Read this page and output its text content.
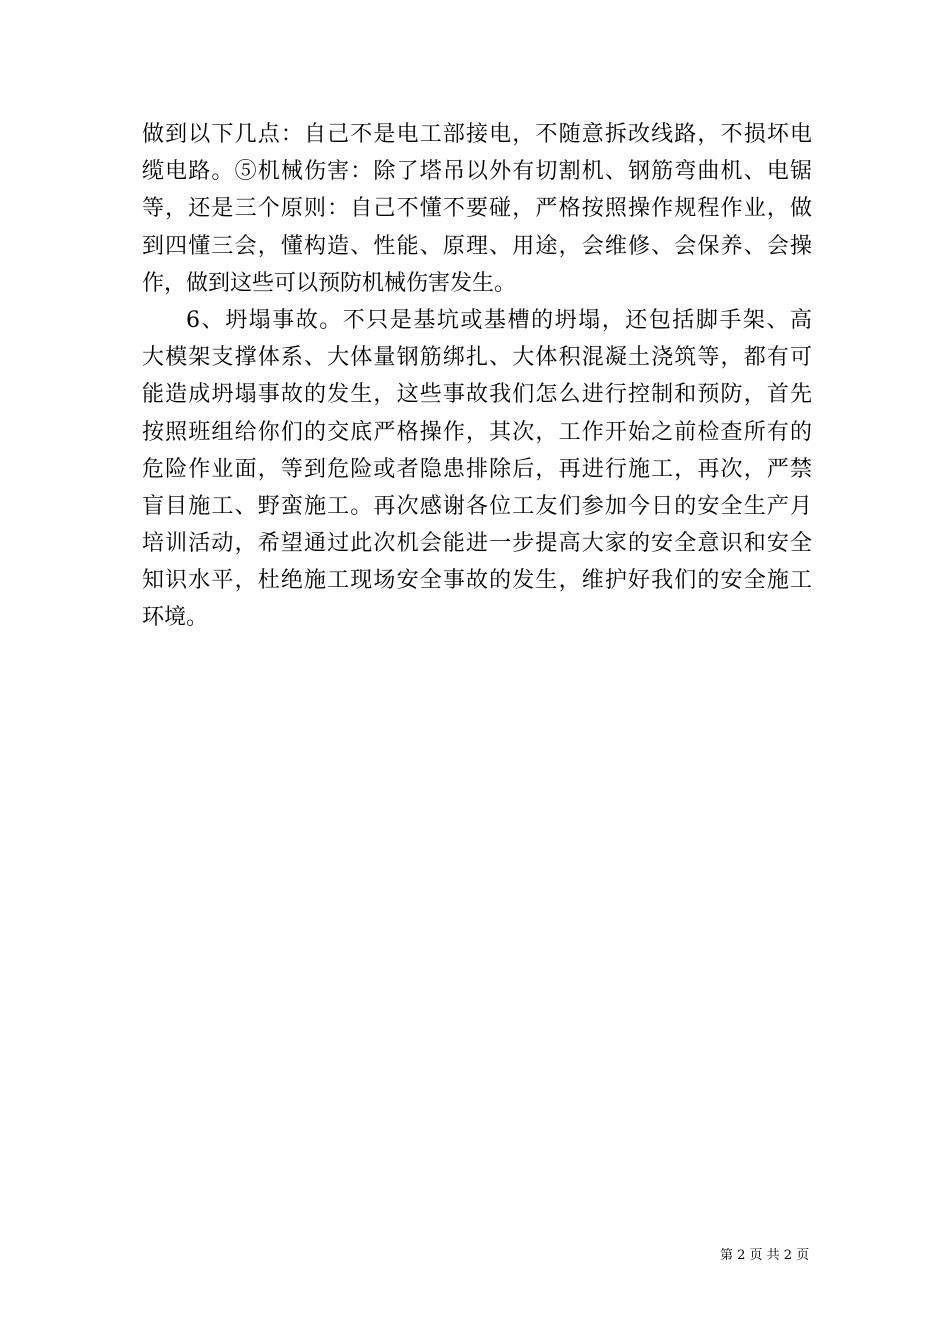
做到以下几点：自己不是电工部接电，不随意拆改线路，不损坏电
缆电路。⑤机械伤害：除了塔吊以外有切割机、钢筋弯曲机、电锯
等，还是三个原则：自己不懂不要碰，严格按照操作规程作业，做
到四懂三会，懂构造、性能、原理、用途，会维修、会保养、会操
作，做到这些可以预防机械伤害发生。
6、坍塌事故。不只是基坑或基槽的坍塌，还包括脚手架、高
大模架支撑体系、大体量钢筋绑扎、大体积混凝土浇筑等，都有可
能造成坍塌事故的发生，这些事故我们怎么进行控制和预防，首先
按照班组给你们的交底严格操作，其次，工作开始之前检查所有的
危险作业面，等到危险或者隐患排除后，再进行施工，再次，严禁
盲目施工、野蛮施工。再次感谢各位工友们参加今日的安全生产月
培训活动，希望通过此次机会能进一步提高大家的安全意识和安全
知识水平，杜绝施工现场安全事故的发生，维护好我们的安全施工
环境。
第 2 页 共 2 页
